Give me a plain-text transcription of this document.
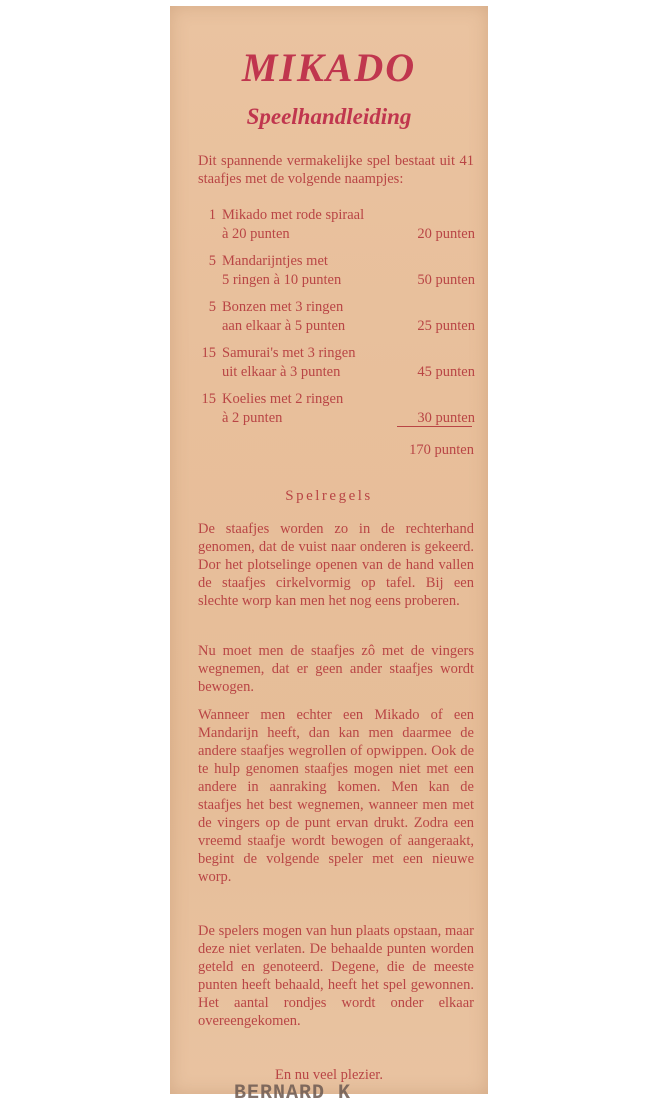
MIKADO
Speelhandleiding
Dit spannende vermakelijke spel bestaat uit 41 staafjes met de volgende naampjes:
1 Mikado met rode spiraal
à 20 punten	20 punten
5 Mandarijntjes met
5 ringen à 10 punten	50 punten
5 Bonzen met 3 ringen
aan elkaar à 5 punten	25 punten
15 Samurai's met 3 ringen
uit elkaar à 3 punten	45 punten
15 Koelies met 2 ringen
à 2 punten	30 punten
170 punten
Spelregels
De staafjes worden zo in de rechterhand genomen, dat de vuist naar onderen is gekeerd. Dor het plotselinge openen van de hand vallen de staafjes cirkelvormig op tafel. Bij een slechte worp kan men het nog eens proberen.
Nu moet men de staafjes zô met de vingers wegnemen, dat er geen ander staafjes wordt bewogen.
Wanneer men echter een Mikado of een Mandarijn heeft, dan kan men daarmee de andere staafjes wegrollen of opwippen. Ook de te hulp genomen staafjes mogen niet met een andere in aanraking komen. Men kan de staafjes het best wegnemen, wanneer men met de vingers op de punt ervan drukt. Zodra een vreemd staafje wordt bewogen of aangeraakt, begint de volgende speler met een nieuwe worp.
De spelers mogen van hun plaats opstaan, maar deze niet verlaten. De behaalde punten worden geteld en genoteerd. Degene, die de meeste punten heeft behaald, heeft het spel gewonnen. Het aantal rondjes wordt onder elkaar overeengekomen.
En nu veel plezier.
BERNARD K
